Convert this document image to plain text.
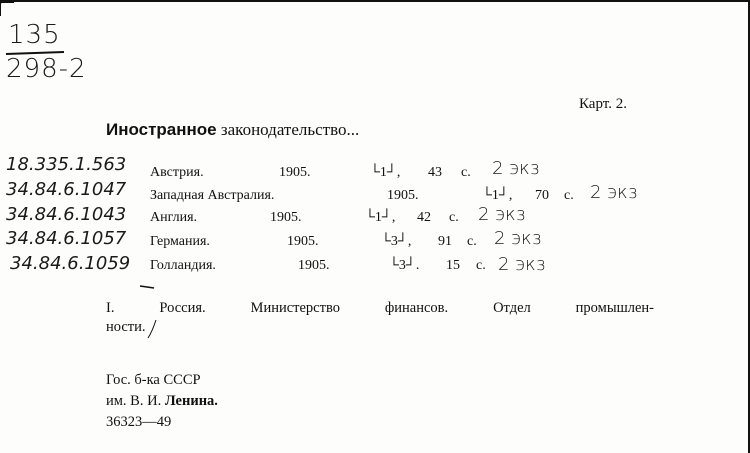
135
298-2
Карт. 2.
Иностранное законодательство...
18.335.1.563 Австрия.	1905.	└1┘, 43 с. 2 экз
34.84.6.1047 Западная Австралия.	1905.	└1┘, 70 с. 2 экз
34.84.6.1043 Англия.	1905.	└1┘, 42 с. 2 экз
34.84.6.1057 Германия.	1905.	└3┘, 91 с. 2 экз
34.84.6.1059 Голландия.	1905.	└3┘. 15 с. 2 экз
I. Россия. Министерство финансов. Отдел промышлен-
ности.
Гос. б-ка СССР
им. В. И. Ленина.
36323—49
